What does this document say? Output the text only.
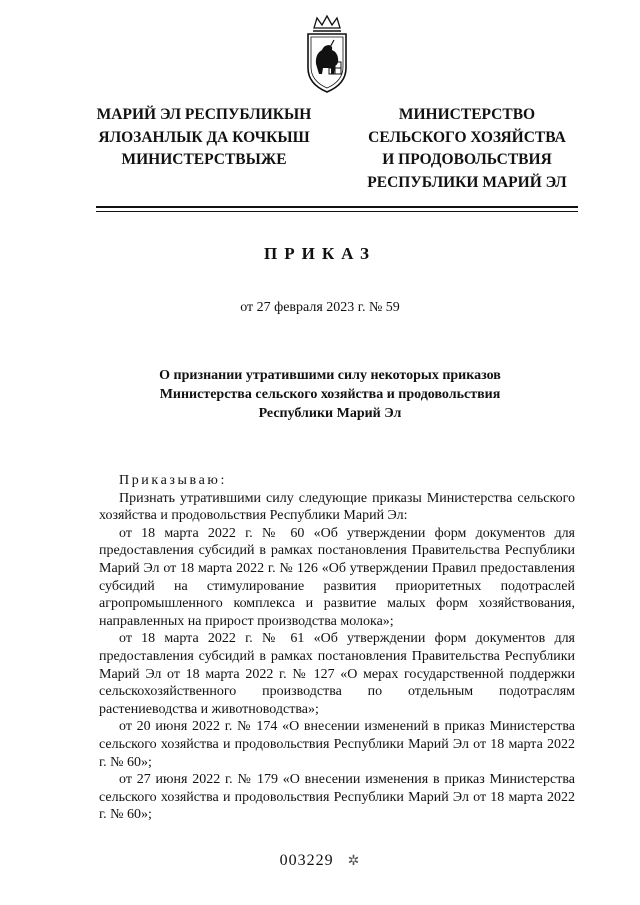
МАРИЙ ЭЛ РЕСПУБЛИКЫН
ЯЛОЗАНЛЫК ДА КОЧКЫШ
МИНИСТЕРСТВЫЖЕ
МИНИСТЕРСТВО
СЕЛЬСКОГО ХОЗЯЙСТВА
И ПРОДОВОЛЬСТВИЯ
РЕСПУБЛИКИ МАРИЙ ЭЛ
ПРИКАЗ
от 27 февраля 2023 г. № 59
О признании утратившими силу некоторых приказов
Министерства сельского хозяйства и продовольствия
Республики Марий Эл

Приказываю:

Признать утратившими силу следующие приказы Министерства сельского хозяйства и продовольствия Республики Марий Эл:

от 18 марта 2022 г. № 60 «Об утверждении форм документов для предоставления субсидий в рамках постановления Правительства Республики Марий Эл от 18 марта 2022 г. № 126 «Об утверждении Правил предоставления субсидий на стимулирование развития приоритетных подотраслей агропромышленного комплекса и развитие малых форм хозяйствования, направленных на прирост производства молока»;

от 18 марта 2022 г. № 61 «Об утверждении форм документов для предоставления субсидий в рамках постановления Правительства Республики Марий Эл от 18 марта 2022 г. № 127 «О мерах государственной поддержки сельскохозяйственного производства по отдельным подотраслям растениеводства и животноводства»;

от 20 июня 2022 г. № 174 «О внесении изменений в приказ Министерства сельского хозяйства и продовольствия Республики Марий Эл от 18 марта 2022 г. № 60»;

от 27 июня 2022 г. № 179 «О внесении изменения в приказ Министерства сельского хозяйства и продовольствия Республики Марий Эл от 18 марта 2022 г. № 60»;

003229 ✲
